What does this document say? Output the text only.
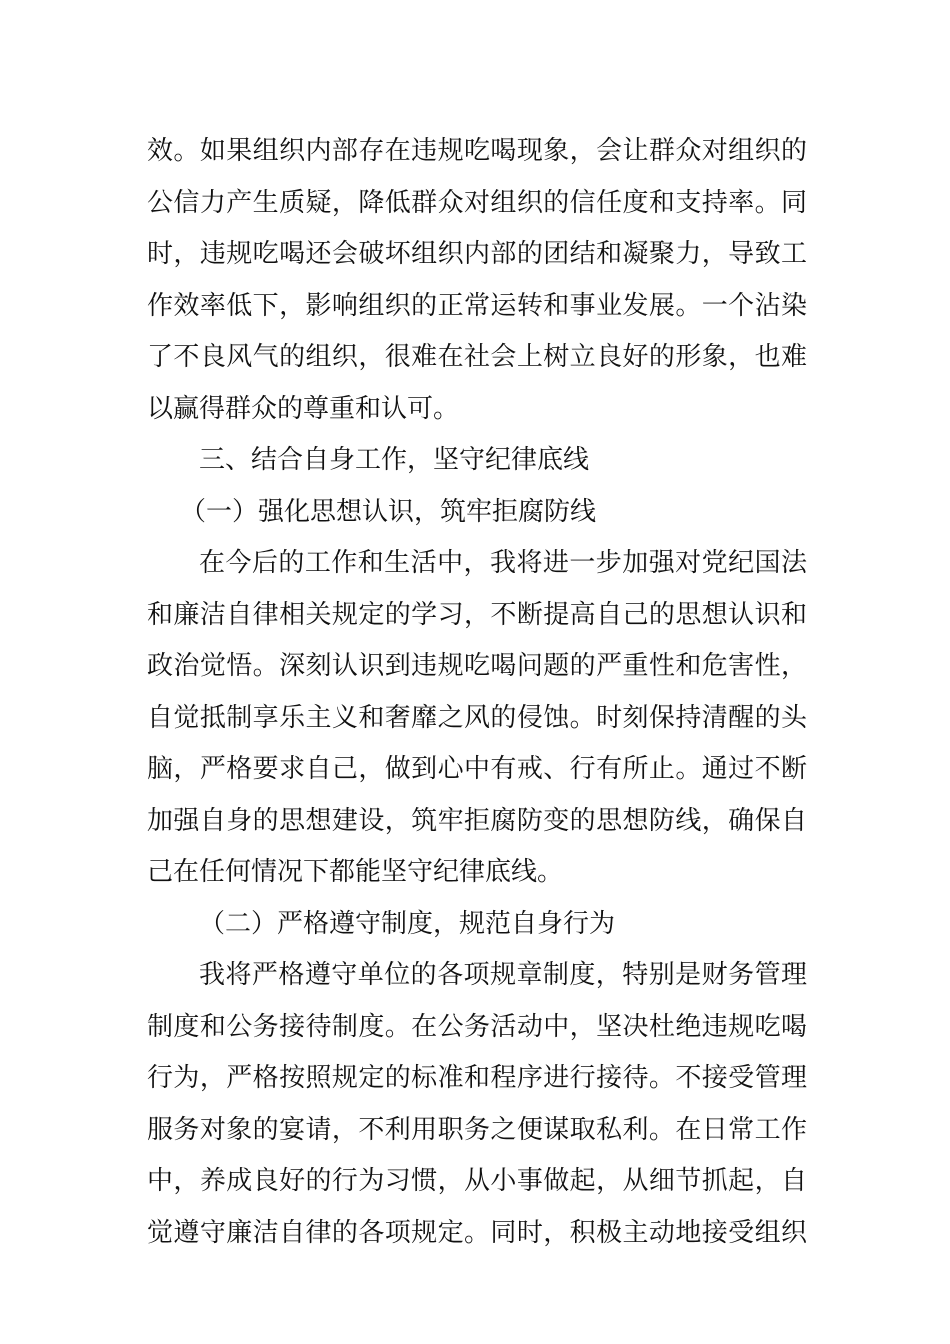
效。如果组织内部存在违规吃喝现象，会让群众对组织的
公信力产生质疑，降低群众对组织的信任度和支持率。同
时，违规吃喝还会破坏组织内部的团结和凝聚力，导致工
作效率低下，影响组织的正常运转和事业发展。一个沾染
了不良风气的组织，很难在社会上树立良好的形象，也难
以赢得群众的尊重和认可。
三、结合自身工作，坚守纪律底线
（一）强化思想认识，筑牢拒腐防线
在今后的工作和生活中，我将进一步加强对党纪国法
和廉洁自律相关规定的学习，不断提高自己的思想认识和
政治觉悟。深刻认识到违规吃喝问题的严重性和危害性，
自觉抵制享乐主义和奢靡之风的侵蚀。时刻保持清醒的头
脑，严格要求自己，做到心中有戒、行有所止。通过不断
加强自身的思想建设，筑牢拒腐防变的思想防线，确保自
己在任何情况下都能坚守纪律底线。
（二）严格遵守制度，规范自身行为
我将严格遵守单位的各项规章制度，特别是财务管理
制度和公务接待制度。在公务活动中，坚决杜绝违规吃喝
行为，严格按照规定的标准和程序进行接待。不接受管理
服务对象的宴请，不利用职务之便谋取私利。在日常工作
中，养成良好的行为习惯，从小事做起，从细节抓起，自
觉遵守廉洁自律的各项规定。同时，积极主动地接受组织
